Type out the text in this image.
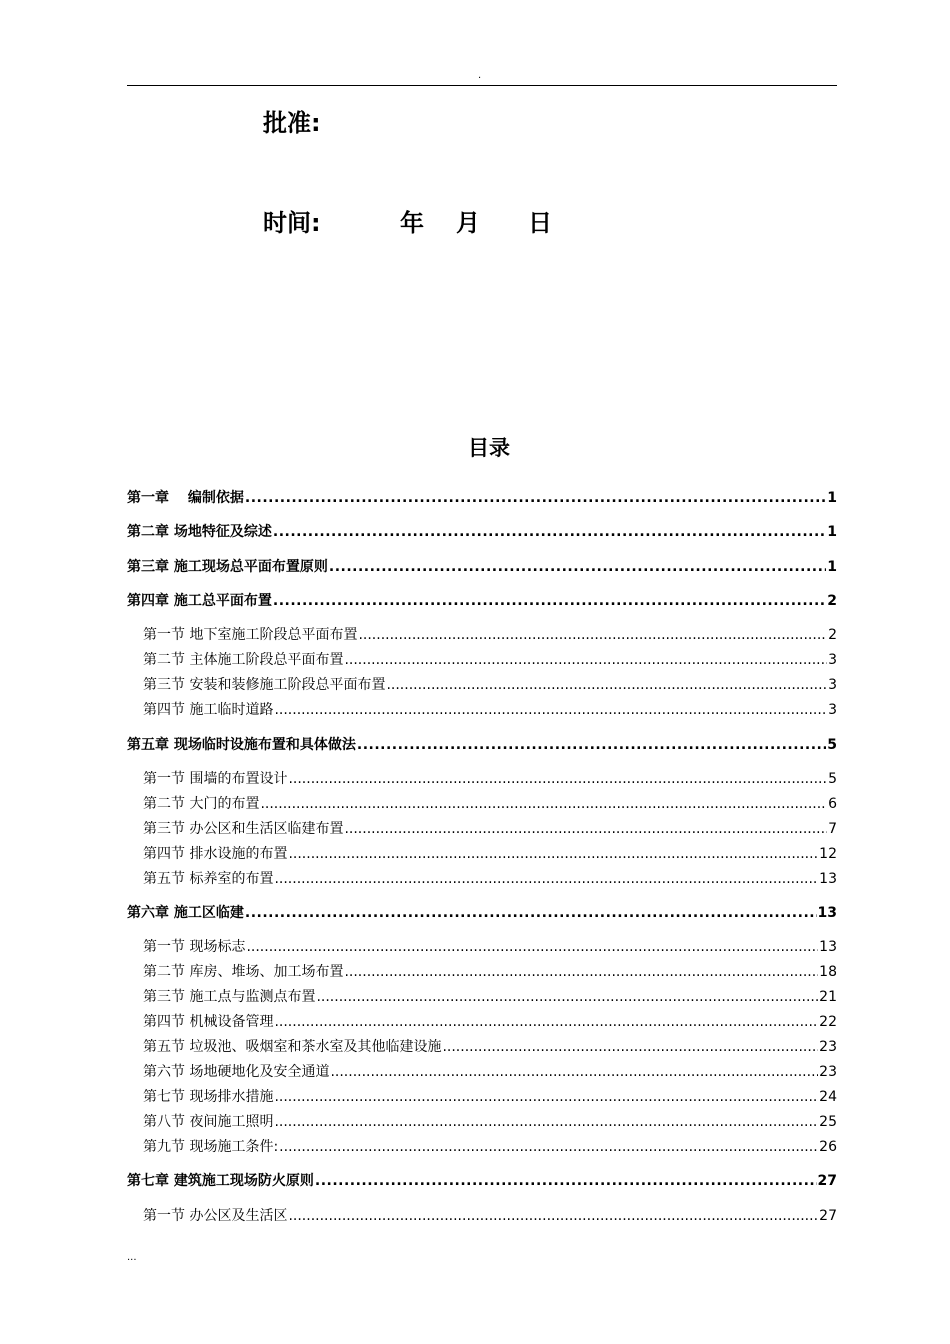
.
批准:
时间:	年 月 日
目录
第一章　 编制依据 .....	1
第二章 场地特征及综述 .....	1
第三章 施工现场总平面布置原则 .....	1
第四章 施工总平面布置 .....	2
第一节 地下室施工阶段总平面布置 .....	2
第二节 主体施工阶段总平面布置 .....	3
第三节 安装和装修施工阶段总平面布置 .....	3
第四节 施工临时道路 .....	3
第五章 现场临时设施布置和具体做法 .....	5
第一节 围墙的布置设计 .....	5
第二节 大门的布置 .....	6
第三节 办公区和生活区临建布置 .....	7
第四节 排水设施的布置 .....	12
第五节 标养室的布置 .....	13
第六章 施工区临建 .....	13
第一节 现场标志 .....	13
第二节 库房、堆场、加工场布置 .....	18
第三节 施工点与监测点布置 .....	21
第四节 机械设备管理 .....	22
第五节 垃圾池、吸烟室和茶水室及其他临建设施 .....	23
第六节 场地硬地化及安全通道 .....	23
第七节 现场排水措施 .....	24
第八节 夜间施工照明 .....	25
第九节 现场施工条件: .....	26
第七章 建筑施工现场防火原则 .....	27
第一节 办公区及生活区 .....	27
...
